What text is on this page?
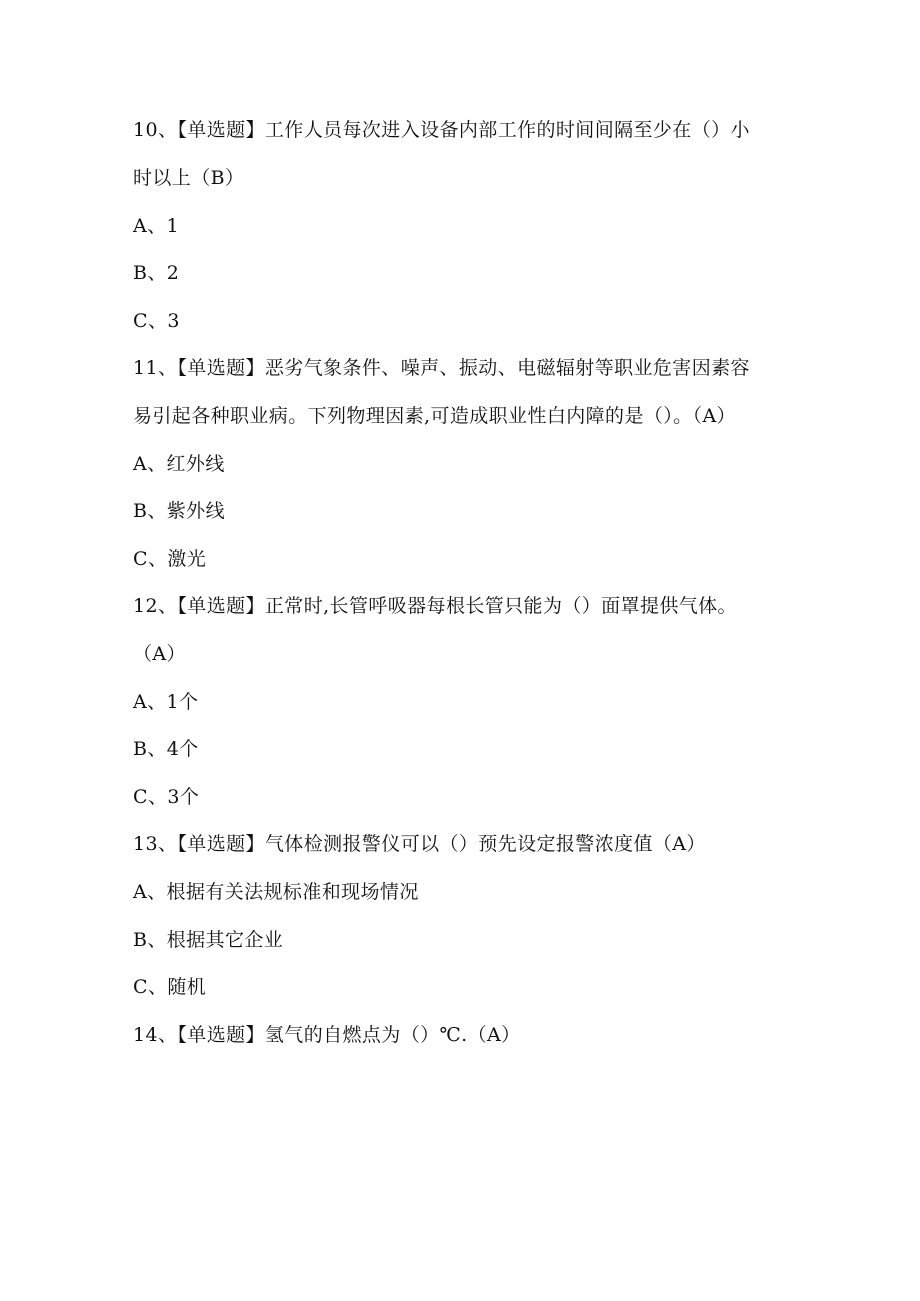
10、【单选题】工作人员每次进入设备内部工作的时间间隔至少在（）小
时以上（B）
A、1
B、2
C、3
11、【单选题】恶劣气象条件、噪声、振动、电磁辐射等职业危害因素容
易引起各种职业病。下列物理因素,可造成职业性白内障的是（）。（A）
A、红外线
B、紫外线
C、激光
12、【单选题】正常时,长管呼吸器每根长管只能为（）面罩提供气体。
（A）
A、1个
B、4个
C、3个
13、【单选题】气体检测报警仪可以（）预先设定报警浓度值（A）
A、根据有关法规标准和现场情况
B、根据其它企业
C、随机
14、【单选题】氢气的自燃点为（）℃.（A）
